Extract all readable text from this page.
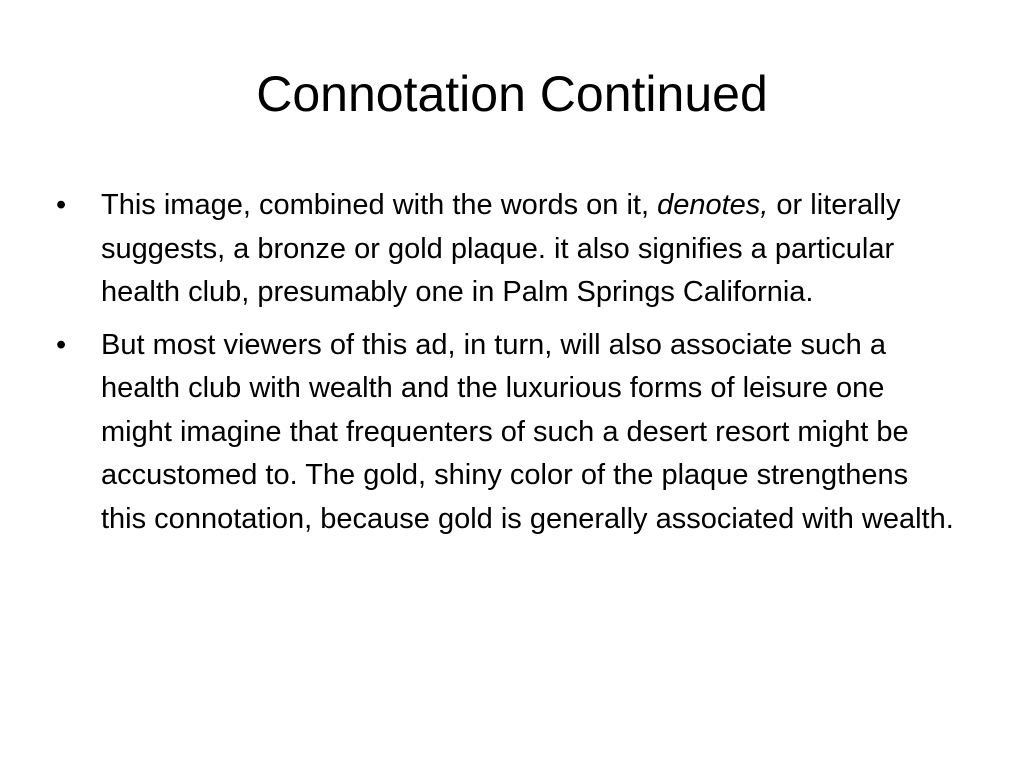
Connotation Continued
•	This image, combined with the words on it, denotes, or literally suggests, a bronze or gold plaque. it also signifies a particular health club, presumably one in Palm Springs California.
•	But most viewers of this ad, in turn, will also associate such a health club with wealth and the luxurious forms of leisure one might imagine that frequenters of such a desert resort might be accustomed to. The gold, shiny color of the plaque strengthens this connotation, because gold is generally associated with wealth.
